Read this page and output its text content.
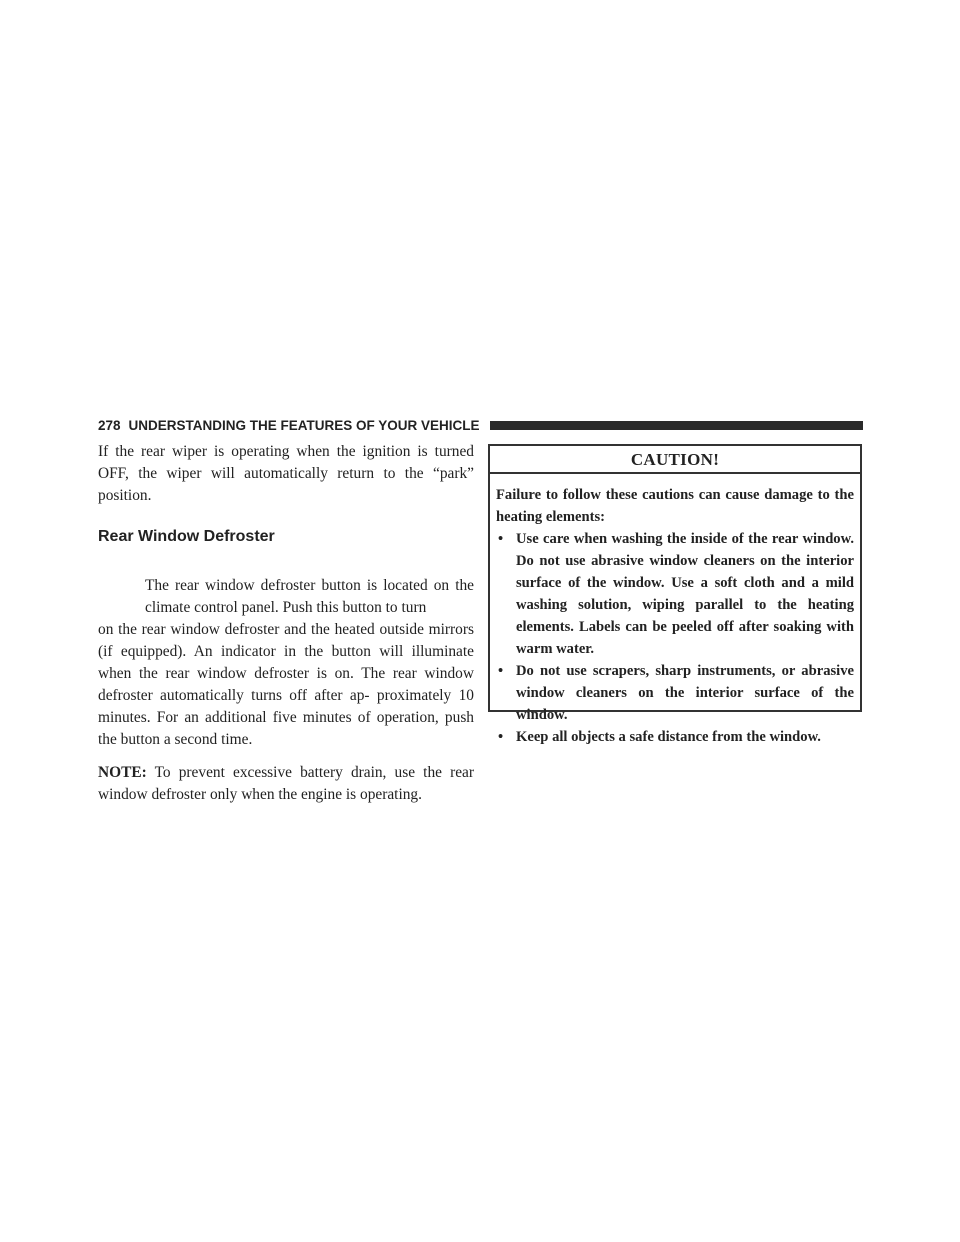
278 UNDERSTANDING THE FEATURES OF YOUR VEHICLE

If the rear wiper is operating when the ignition is turned OFF, the wiper will automatically return to the “park” position.

Rear Window Defroster

The rear window defroster button is located on the climate control panel. Push this button to turn
on the rear window defroster and the heated outside mirrors (if equipped). An indicator in the button will illuminate when the rear window defroster is on. The rear window defroster automatically turns off after ap- proximately 10 minutes. For an additional five minutes of operation, push the button a second time.

NOTE: To prevent excessive battery drain, use the rear window defroster only when the engine is operating.

CAUTION!

Failure to follow these cautions can cause damage to the heating elements:

• Use care when washing the inside of the rear window. Do not use abrasive window cleaners on the interior surface of the window. Use a soft cloth and a mild washing solution, wiping parallel to the heating elements. Labels can be peeled off after soaking with warm water.
• Do not use scrapers, sharp instruments, or abrasive window cleaners on the interior surface of the window.
• Keep all objects a safe distance from the window.
